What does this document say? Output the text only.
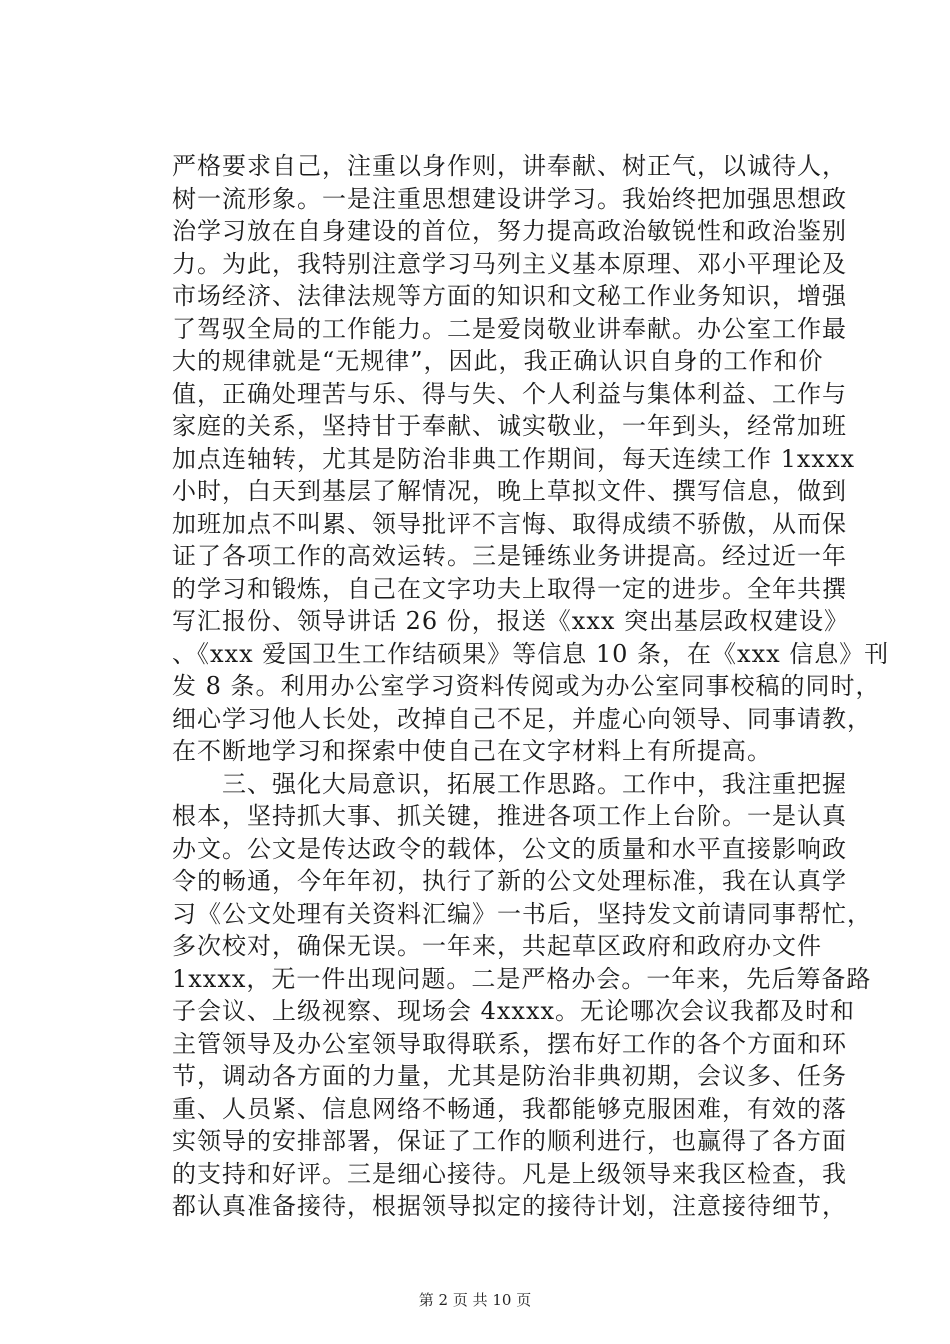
严格要求自己，注重以身作则，讲奉献、树正气，以诚待人，
树一流形象。一是注重思想建设讲学习。我始终把加强思想政
治学习放在自身建设的首位，努力提高政治敏锐性和政治鉴别
力。为此，我特别注意学习马列主义基本原理、邓小平理论及
市场经济、法律法规等方面的知识和文秘工作业务知识，增强
了驾驭全局的工作能力。二是爱岗敬业讲奉献。办公室工作最
大的规律就是“无规律”，因此，我正确认识自身的工作和价
值，正确处理苦与乐、得与失、个人利益与集体利益、工作与
家庭的关系，坚持甘于奉献、诚实敬业，一年到头，经常加班
加点连轴转，尤其是防治非典工作期间，每天连续工作 1xxxx
小时，白天到基层了解情况，晚上草拟文件、撰写信息，做到
加班加点不叫累、领导批评不言悔、取得成绩不骄傲，从而保
证了各项工作的高效运转。三是锤练业务讲提高。经过近一年
的学习和锻炼，自己在文字功夫上取得一定的进步。全年共撰
写汇报份、领导讲话 26 份，报送《xxx 突出基层政权建设》
、《xxx 爱国卫生工作结硕果》等信息 10 条，在《xxx 信息》刊
发 8 条。利用办公室学习资料传阅或为办公室同事校稿的同时，
细心学习他人长处，改掉自己不足，并虚心向领导、同事请教，
在不断地学习和探索中使自己在文字材料上有所提高。
　　三、强化大局意识，拓展工作思路。工作中，我注重把握
根本，坚持抓大事、抓关键，推进各项工作上台阶。一是认真
办文。公文是传达政令的载体，公文的质量和水平直接影响政
令的畅通，今年年初，执行了新的公文处理标准，我在认真学
习《公文处理有关资料汇编》一书后，坚持发文前请同事帮忙，
多次校对，确保无误。一年来，共起草区政府和政府办文件
1xxxx，无一件出现问题。二是严格办会。一年来，先后筹备路
子会议、上级视察、现场会 4xxxx。无论哪次会议我都及时和
主管领导及办公室领导取得联系，摆布好工作的各个方面和环
节，调动各方面的力量，尤其是防治非典初期，会议多、任务
重、人员紧、信息网络不畅通，我都能够克服困难，有效的落
实领导的安排部署，保证了工作的顺利进行，也赢得了各方面
的支持和好评。三是细心接待。凡是上级领导来我区检查，我
都认真准备接待，根据领导拟定的接待计划，注意接待细节，
第 2 页 共 10 页
